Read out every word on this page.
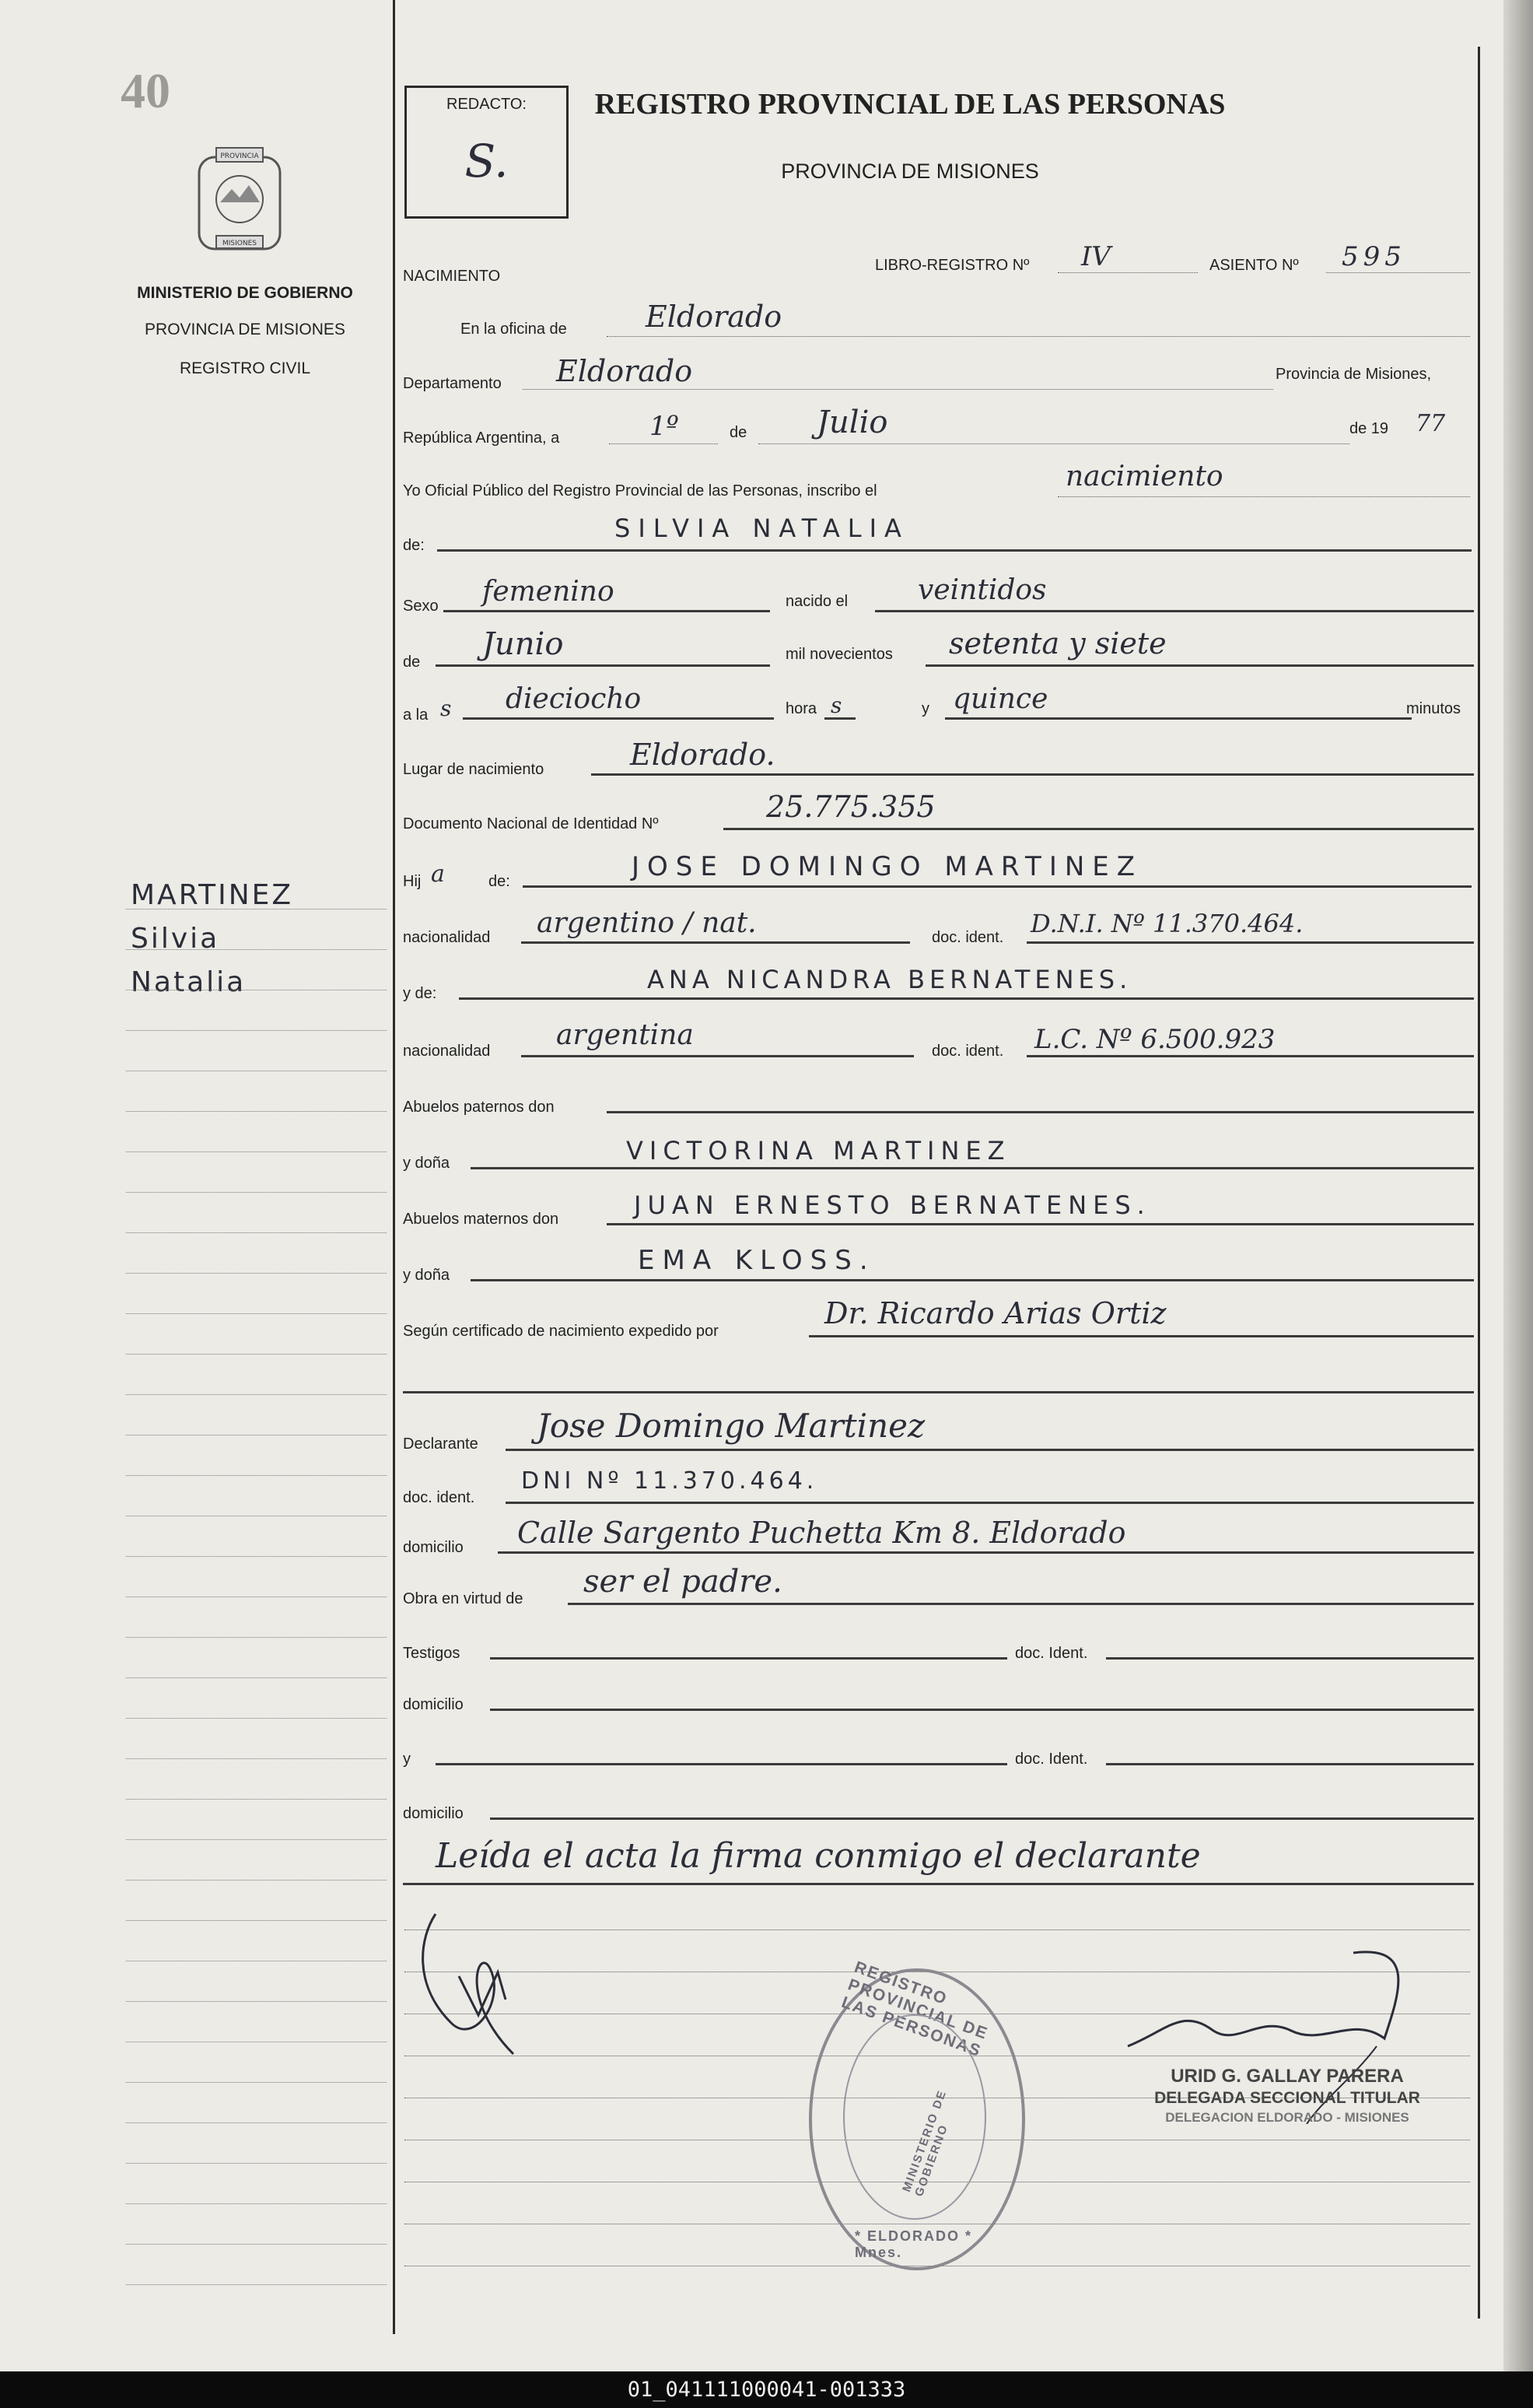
40
PROVINCIA
MISIONES
MINISTERIO DE GOBIERNO
PROVINCIA DE MISIONES
REGISTRO CIVIL
MARTINEZ
Silvia
Natalia
REDACTO:
S.
REGISTRO PROVINCIAL DE LAS PERSONAS
PROVINCIA DE MISIONES
NACIMIENTO
LIBRO-REGISTRO Nº IV	ASIENTO Nº 595
En la oficina de	Eldorado
Departamento Eldorado	Provincia de Misiones,
República Argentina, a	1º	de Julio	de 19 77
Yo Oficial Público del Registro Provincial de las Personas, inscribo el	nacimiento
de:
SILVIA NATALIA
Sexo femenino	nacido el veintidos
de Junio	mil novecientos setenta y siete
a la s dieciocho	hora s	y quince	minutos
Lugar de nacimiento	Eldorado.
Documento Nacional de Identidad Nº	25.775.355
Hij a	de:	JOSE DOMINGO MARTINEZ
nacionalidad argentino / nat.	doc. ident. D.N.I. Nº 11.370.464.
y de:	ANA NICANDRA BERNATENES.
nacionalidad argentina	doc. ident. L.C. Nº 6.500.923
Abuelos paternos don
y doña	VICTORINA MARTINEZ
Abuelos maternos don	JUAN ERNESTO BERNATENES.
y doña	EMA KLOSS.
Según certificado de nacimiento expedido por
Dr. Ricardo Arias Ortiz
Declarante Jose Domingo Martinez
doc. ident.
DNI Nº 11.370.464.
domicilio Calle Sargento Puchetta Km 8. Eldorado
Obra en virtud de ser el padre.
Testigos	doc. Ident.
domicilio
y	doc. Ident.
domicilio
Leída el acta la firma conmigo el declarante
REGISTRO PROVINCIAL DE LAS PERSONAS
MINISTERIO DE GOBIERNO
* ELDORADO * Mnes.
URID G. GALLAY PARERA
DELEGADA SECCIONAL TITULAR
DELEGACION ELDORADO - MISIONES
01_041111000041-001333
